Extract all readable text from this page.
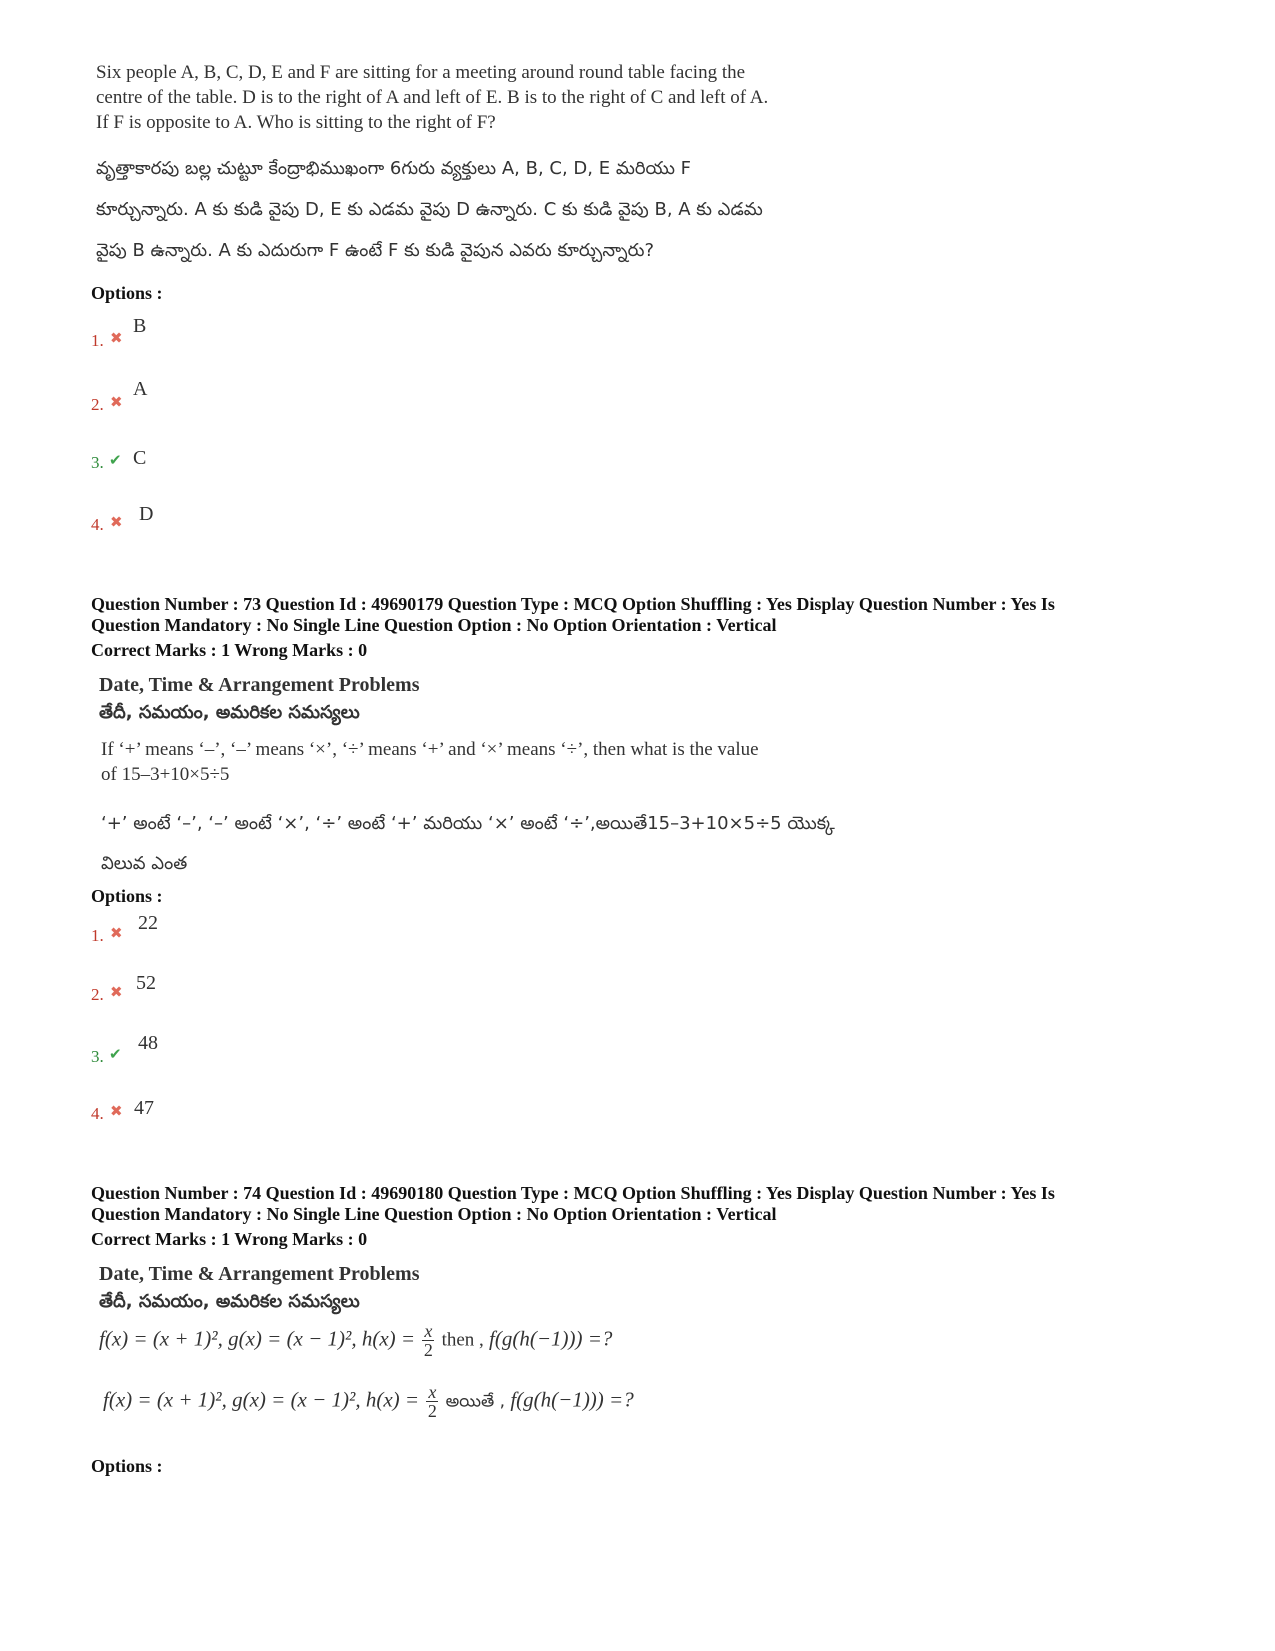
Six people A, B, C, D, E and F are sitting for a meeting around round table facing the
centre of the table. D is to the right of A and left of E. B is to the right of C and left of A.
If F is opposite to A. Who is sitting to the right of F?
వృత్తాకారపు బల్ల చుట్టూ కేంద్రాభిముఖంగా 6గురు వ్యక్తులు A, B, C, D, E మరియు F
కూర్చున్నారు. A కు కుడి వైపు D, E కు ఎడమ వైపు D ఉన్నారు. C కు కుడి వైపు B, A కు ఎడమ
వైపు B ఉన్నారు. A కు ఎదురుగా F ఉంటే F కు కుడి వైపున ఎవరు కూర్చున్నారు?
Options :
1. ✖
B
2. ✖
A
3. ✔ C
4. ✖ D
Question Number : 73 Question Id : 49690179 Question Type : MCQ Option Shuffling : Yes Display Question Number : Yes Is
Question Mandatory : No Single Line Question Option : No Option Orientation : Vertical
Correct Marks : 1 Wrong Marks : 0
Date, Time & Arrangement Problems
తేదీ, సమయం, అమరికల సమస్యలు
If ‘+’ means ‘–’, ‘–’ means ‘×’, ‘÷’ means ‘+’ and ‘×’ means ‘÷’, then what is the value
of 15–3+10×5÷5
‘+’ అంటే ‘–’, ‘–’ అంటే ‘×’, ‘÷’ అంటే ‘+’ మరియు ‘×’ అంటే ‘÷’,అయితే15–3+10×5÷5 యొక్క
విలువ ఎంత
Options :
1. ✖ 22
2. ✖ 52
3. ✔ 48
4. ✖ 47
Question Number : 74 Question Id : 49690180 Question Type : MCQ Option Shuffling : Yes Display Question Number : Yes Is
Question Mandatory : No Single Line Question Option : No Option Orientation : Vertical
Correct Marks : 1 Wrong Marks : 0
Date, Time & Arrangement Problems
తేదీ, సమయం, అమరికల సమస్యలు
f(x) = (x + 1)², g(x) = (x − 1)², $h(x) = \frac{x}{2}$ then , f(g(h(−1))) =?
f(x) = (x + 1)², g(x) = (x − 1)², $h(x) = \frac{x}{2}$ అయితే , f(g(h(−1))) =?
Options :
